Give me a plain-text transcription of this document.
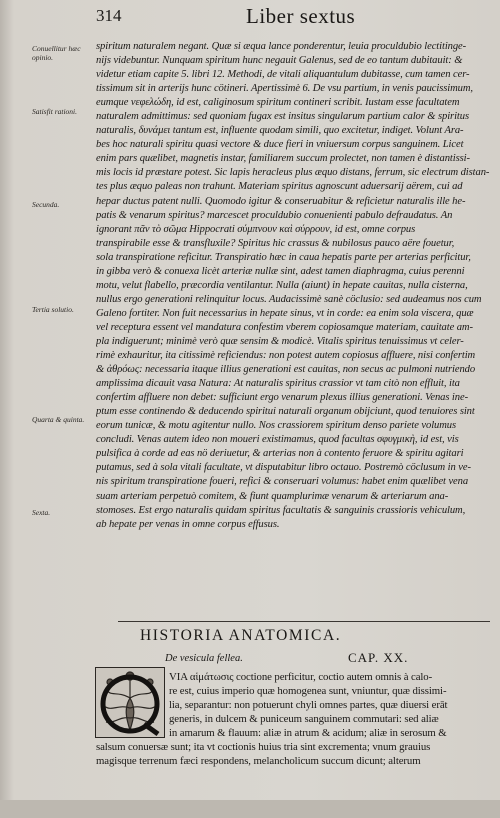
314	Liber sextus
Conuellitur hæc opinio.
Satisfit rationi.
Secunda.
Tertia solutio.
Quarta & quinta.
Sexta.
spiritum naturalem negant. Quæ si æqua lance ponderentur, leuia proculdubio lectitinge-
nijs videbuntur. Nunquam spiritum hunc negauit Galenus, sed de eo tantum dubitauit: &
videtur etiam capite 5. libri 12. Methodi, de vitali aliquantulum dubitasse, cum tamen cer-
tissimum sit in arterijs hunc cötineri. Apertissimè 6. De vsu partium, in venis paucissimum,
eumque νεφελώδη, id est, caliginosum spiritum contineri scribit. Iustam esse facultatem
naturalem admittimus: sed quoniam fugax est insitus singularum partium calor & spiritus
naturalis, δυνάμει tantum est, influente quodam simili, quo excitetur, indiget. Volunt Ara-
bes hoc naturali spiritu quasi vectore & duce fieri in vniuersum corpus sanguinem. Licet
enim pars quælibet, magnetis instar, familiarem succum prolectet, non tamen è distantissi-
mis locis id præstare potest. Sic lapis heracleus plus æquo distans, ferrum, sic electrum distan-
tes plus æquo paleas non trahunt. Materiam spiritus agnoscunt aduersarij aërem, cui ad
hepar ductus patent nulli. Quomodo igitur & conseruabitur & reficietur naturalis ille he-
patis & venarum spiritus? marcescet proculdubio conuenienti pabulo defraudatus. An
ignorant πᾶν τὸ σῶμα Hippocrati σύμπνουν καὶ σύρρουν, id est, omne corpus
transpirabile esse & transfluxile? Spiritus hic crassus & nubilosus pauco aëre fouetur,
sola transpiratione reficitur. Transpiratio hæc in caua hepatis parte per arterias perficitur,
in gibba verò & conuexa licèt arteriæ nullæ sint, adest tamen diaphragma, cuius perenni
motu, velut flabello, præcordia ventilantur. Nulla (aiunt) in hepate cauitas, nulla cisterna,
nullus ergo generationi relinquitur locus. Audacissimè sanè cöclusio: sed audeamus nos cum
Galeno fortiter. Non fuit necessarius in hepate sinus, vt in corde: ea enim sola viscera, quæ
vel receptura essent vel mandatura confestim vberem copiosamque materiam, cauitate am-
pla indiguerunt; minimè verò quæ sensim & modicè. Vitalis spiritus tenuissimus vt celer-
rimè exhauritur, ita citissimè reficiendus: non potest autem copiosus affluere, nisi confertim
& ἀθρόως: necessaria itaque illius generationi est cauitas, non secus ac pulmoni nutriendo
amplissima dicauit vasa Natura: At naturalis spiritus crassior vt tam citò non effluit, ita
confertim affluere non debet: sufficiunt ergo venarum plexus illius generationi. Venas ine-
ptum esse continendo & deducendo spiritui naturali organum obijciunt, quod tenuiores sint
eorum tunicæ, & motu agitentur nullo. Nos crassiorem spiritum denso pariete volumus
concludi. Venas autem ideo non moueri existimamus, quod facultas σφυγμικὴ, id est, vis
pulsifica à corde ad eas nö deriuetur, & arterias non à contento feruore & spiritu agitari
putamus, sed à sola vitali facultate, vt disputabitur libro octauo. Postremò cöclusum in ve-
nis spiritum transpiratione foueri, refici & conseruari volumus: habet enim quælibet vena
suam arteriam perpetuò comitem, & fiunt quamplurimæ venarum & arteriarum ana-
stomoses. Est ergo naturalis quidam spiritus facultatis & sanguinis crassioris vehiculum,
ab hepate per venas in omne corpus effusus.
HISTORIA ANATOMICA.
De vesicula fellea.	CAP. XX.
VIA αἱμάτωσις coctione perficitur, coctio autem omnis à calo-
re est, cuius imperio quæ homogenea sunt, vniuntur, quæ dissimi-
lia, separantur: non potuerunt chyli omnes partes, quæ diuersi erāt
generis, in dulcem & puniceum sanguinem commutari: sed aliæ
in amarum & flauum: aliæ in atrum & acidum; aliæ in serosum &
salsum conuersæ sunt; ita vt coctionis huius tria sint excrementa; vnum grauius
magisque terrenum fæci respondens, melancholicum succum dicunt; alterum
